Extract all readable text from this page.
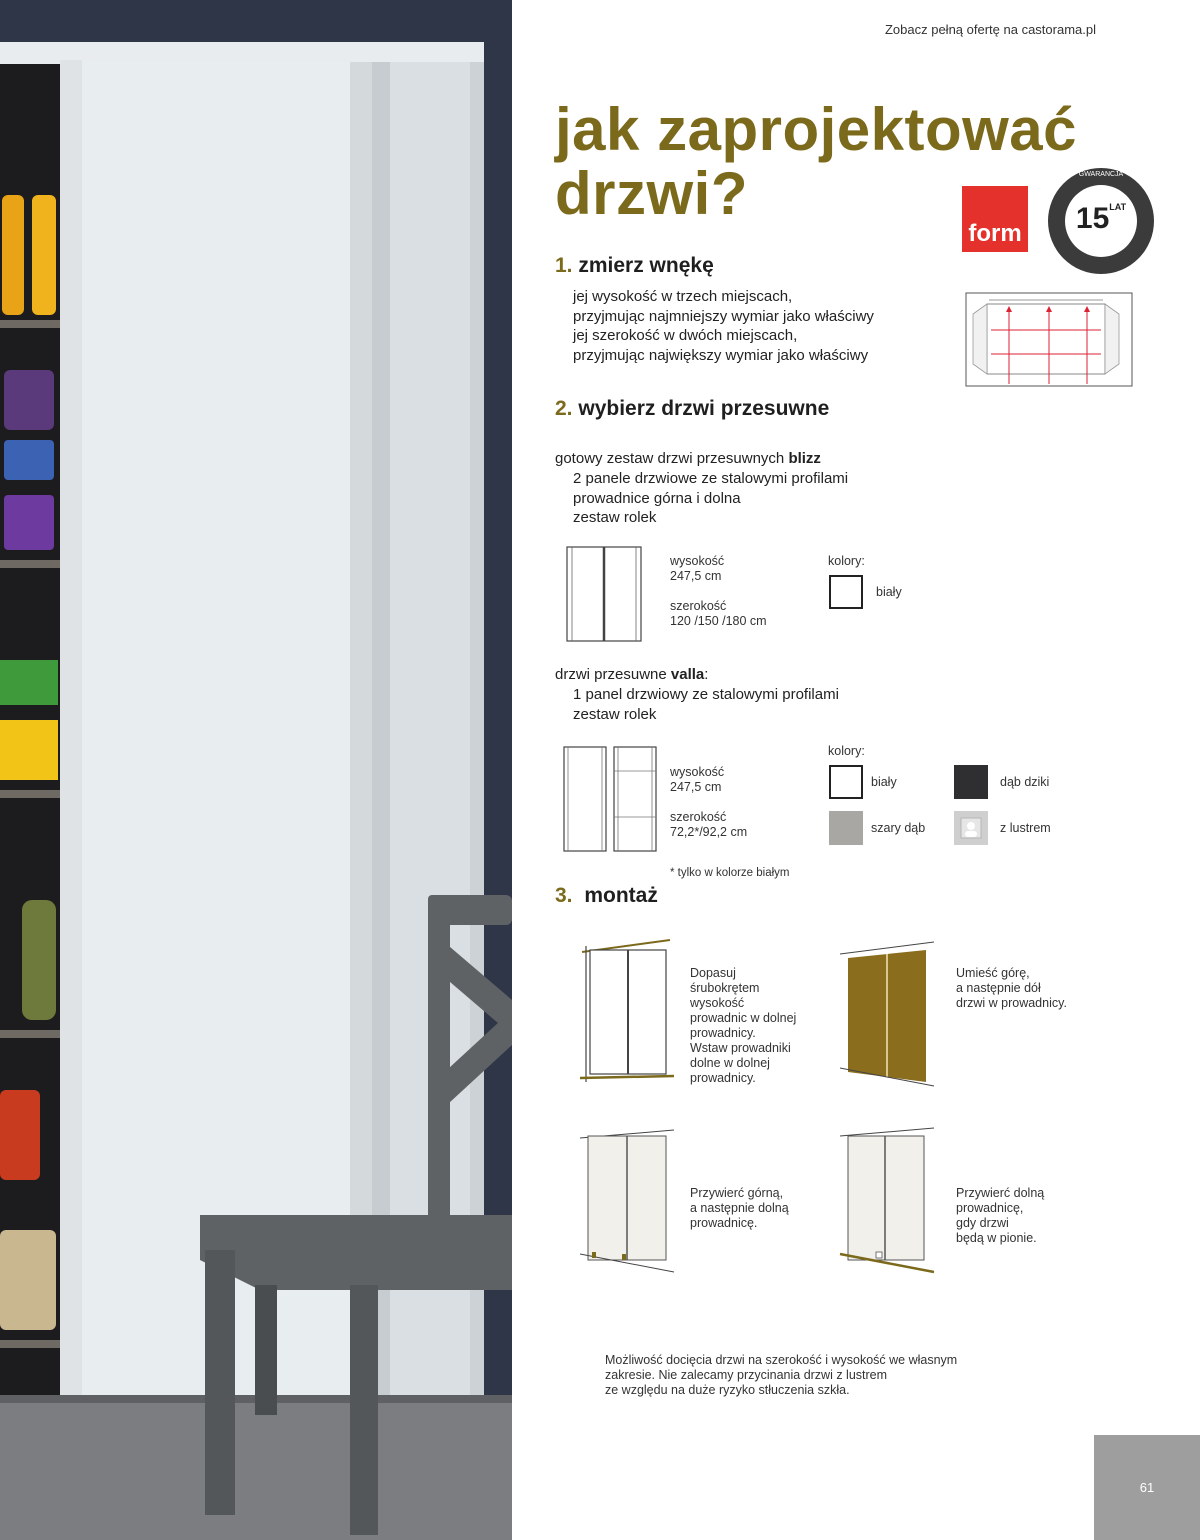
Zobacz pełną ofertę na castorama.pl
jak zaprojektować
drzwi?
form
GWARANCJA
$15^{LAT}$
1. zmierz wnękę
jej wysokość w trzech miejscach,
przyjmując najmniejszy wymiar jako właściwy
jej szerokość w dwóch miejscach,
przyjmując największy wymiar jako właściwy
2. wybierz drzwi przesuwne
gotowy zestaw drzwi przesuwnych blizz
2 panele drzwiowe ze stalowymi profilami
prowadnice górna i dolna
zestaw rolek
wysokość
247,5 cm
szerokość
120 /150 /180 cm
kolory:
biały
drzwi przesuwne valla:
1 panel drzwiowy ze stalowymi profilami
zestaw rolek
wysokość
247,5 cm
szerokość
72,2*/92,2 cm
kolory:
biały	dąb dziki
szary dąb	z lustrem
* tylko w kolorze białym
3. montaż
Dopasuj
śrubokrętem
wysokość
prowadnic w dolnej
prowadnicy.
Wstaw prowadniki
dolne w dolnej
prowadnicy.
Umieść górę,
a następnie dół
drzwi w prowadnicy.
Przywierć górną,
a następnie dolną
prowadnicę.
Przywierć dolną
prowadnicę,
gdy drzwi
będą w pionie.
Możliwość docięcia drzwi na szerokość i wysokość we własnym
zakresie. Nie zalecamy przycinania drzwi z lustrem
ze względu na duże ryzyko stłuczenia szkła.
61
